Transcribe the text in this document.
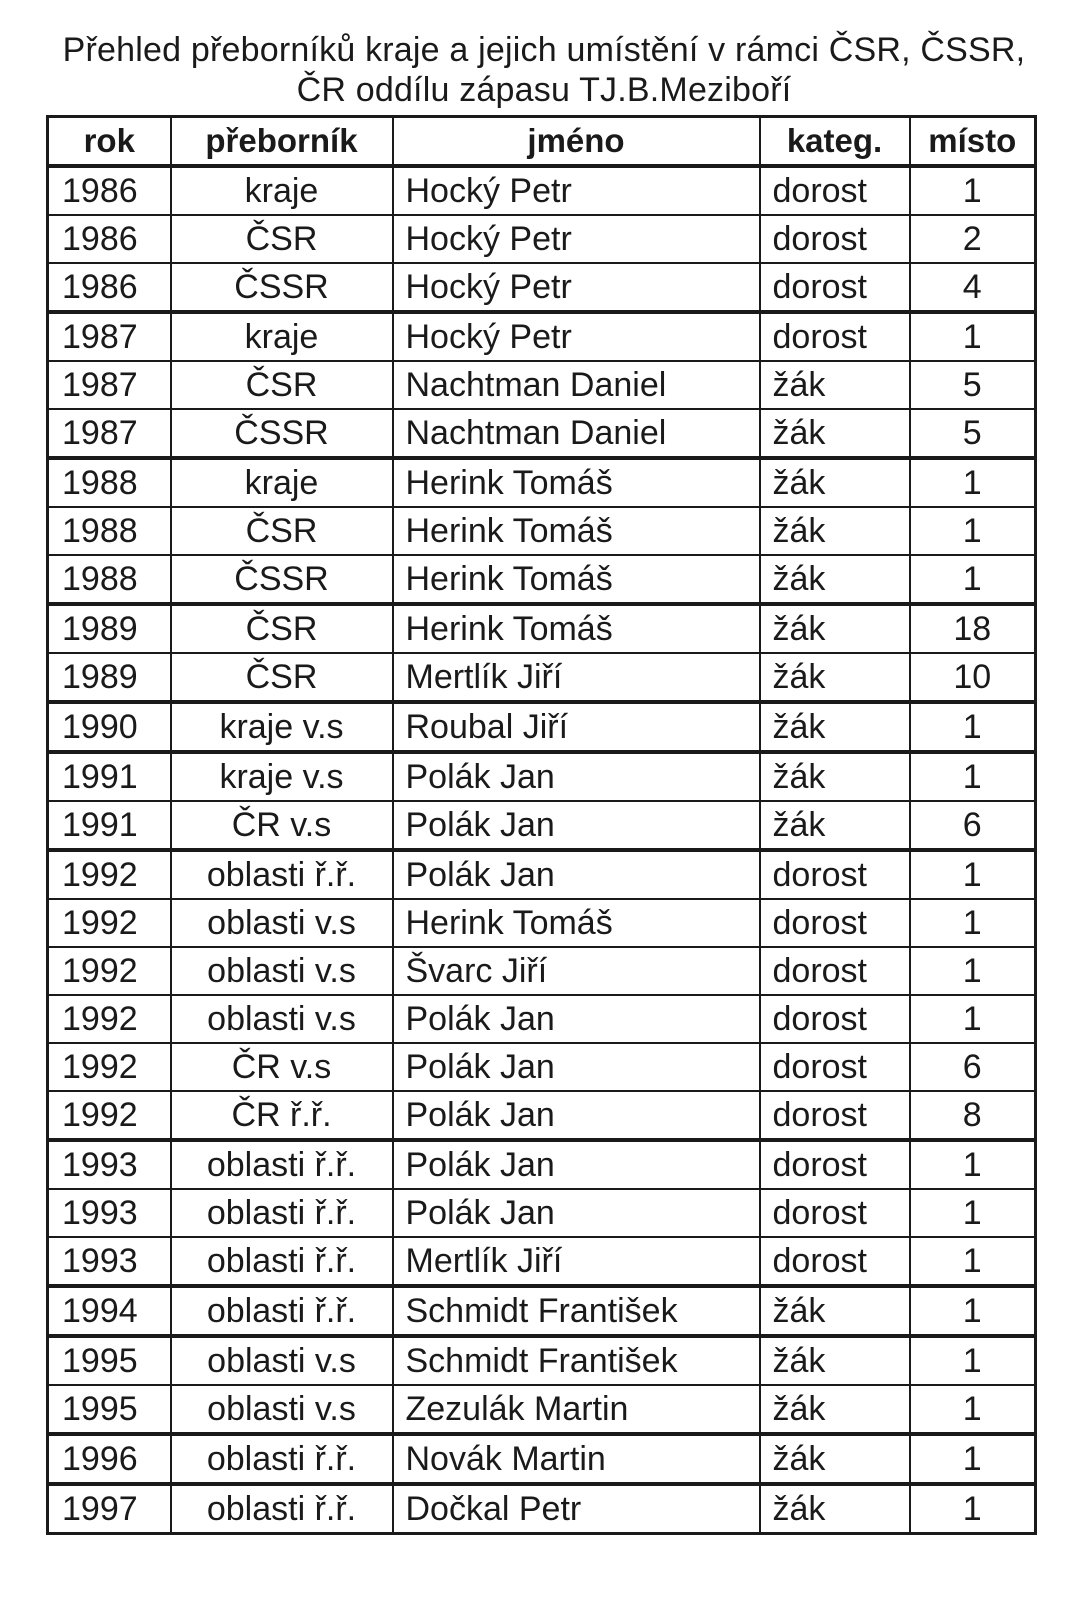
Přehled přeborníků kraje a jejich umístění v rámci ČSR, ČSSR,
ČR oddílu zápasu TJ.B.Meziboří
rok	přeborník	jméno	kateg.	místo
1986	kraje	Hocký Petr	dorost	1
1986	ČSR	Hocký Petr	dorost	2
1986	ČSSR	Hocký Petr	dorost	4
1987	kraje	Hocký Petr	dorost	1
1987	ČSR	Nachtman Daniel	žák	5
1987	ČSSR	Nachtman Daniel	žák	5
1988	kraje	Herink Tomáš	žák	1
1988	ČSR	Herink Tomáš	žák	1
1988	ČSSR	Herink Tomáš	žák	1
1989	ČSR	Herink Tomáš	žák	18
1989	ČSR	Mertlík Jiří	žák	10
1990	kraje v.s	Roubal Jiří	žák	1
1991	kraje v.s	Polák Jan	žák	1
1991	ČR v.s	Polák Jan	žák	6
1992	oblasti ř.ř.	Polák Jan	dorost	1
1992	oblasti v.s	Herink Tomáš	dorost	1
1992	oblasti v.s	Švarc Jiří	dorost	1
1992	oblasti v.s	Polák Jan	dorost	1
1992	ČR v.s	Polák Jan	dorost	6
1992	ČR ř.ř.	Polák Jan	dorost	8
1993	oblasti ř.ř.	Polák Jan	dorost	1
1993	oblasti ř.ř.	Polák Jan	dorost	1
1993	oblasti ř.ř.	Mertlík Jiří	dorost	1
1994	oblasti ř.ř.	Schmidt František	žák	1
1995	oblasti v.s	Schmidt František	žák	1
1995	oblasti v.s	Zezulák Martin	žák	1
1996	oblasti ř.ř.	Novák Martin	žák	1
1997	oblasti ř.ř.	Dočkal Petr	žák	1
